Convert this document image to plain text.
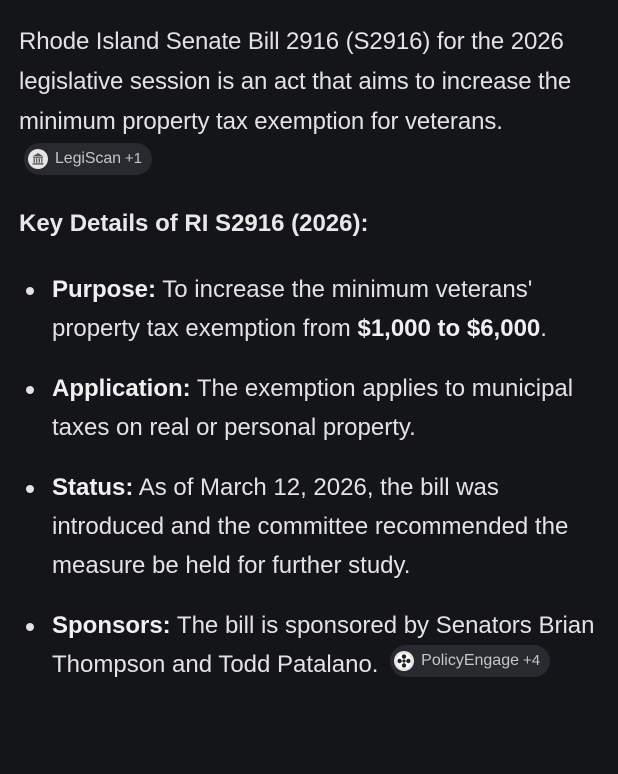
Rhode Island Senate Bill 2916 (S2916) for the 2026 legislative session is an act that aims to increase the minimum property tax exemption for veterans.
LegiScan +1
Key Details of RI S2916 (2026):
Purpose: To increase the minimum veterans' property tax exemption from $1,000 to $6,000.
Application: The exemption applies to municipal taxes on real or personal property.
Status: As of March 12, 2026, the bill was introduced and the committee recommended the measure be held for further study.
Sponsors: The bill is sponsored by Senators Brian Thompson and Todd Patalano.	PolicyEngage +4
